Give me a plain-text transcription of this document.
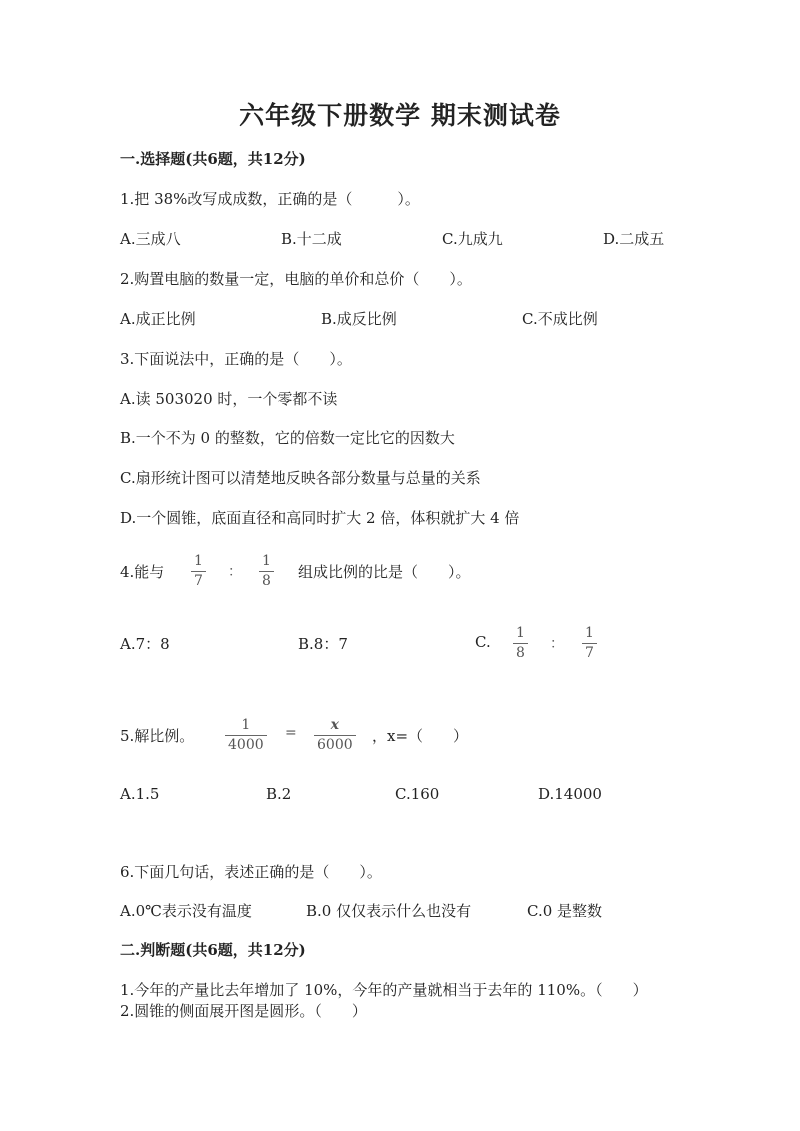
六年级下册数学 期末测试卷
一.选择题(共6题，共12分)
1.把 38%改写成成数，正确的是（　　　）。
A.三成八	B.十二成	C.九成九	D.二成五
2.购置电脑的数量一定，电脑的单价和总价（　　）。
A.成正比例	B.成反比例	C.不成比例
3.下面说法中，正确的是（　　）。
A.读 503020 时，一个零都不读
B.一个不为 0 的整数，它的倍数一定比它的因数大
C.扇形统计图可以清楚地反映各部分数量与总量的关系
D.一个圆锥，底面直径和高同时扩大 2 倍，体积就扩大 4 倍
4.能与
1
7
：
1
8 组成比例的比是（　　）。
A.7：8	B.8：7	C. 1
8
：
1
7
5.解比例。
1
4000
= x
6000 ，x=（　　）
A.1.5	B.2	C.160	D.14000
6.下面几句话，表述正确的是（　　）。
A.0℃表示没有温度	B.0 仅仅表示什么也没有	C.0 是整数
二.判断题(共6题，共12分)
1.今年的产量比去年增加了 10%，今年的产量就相当于去年的 110%。（　　）
2.圆锥的侧面展开图是圆形。（　　）
